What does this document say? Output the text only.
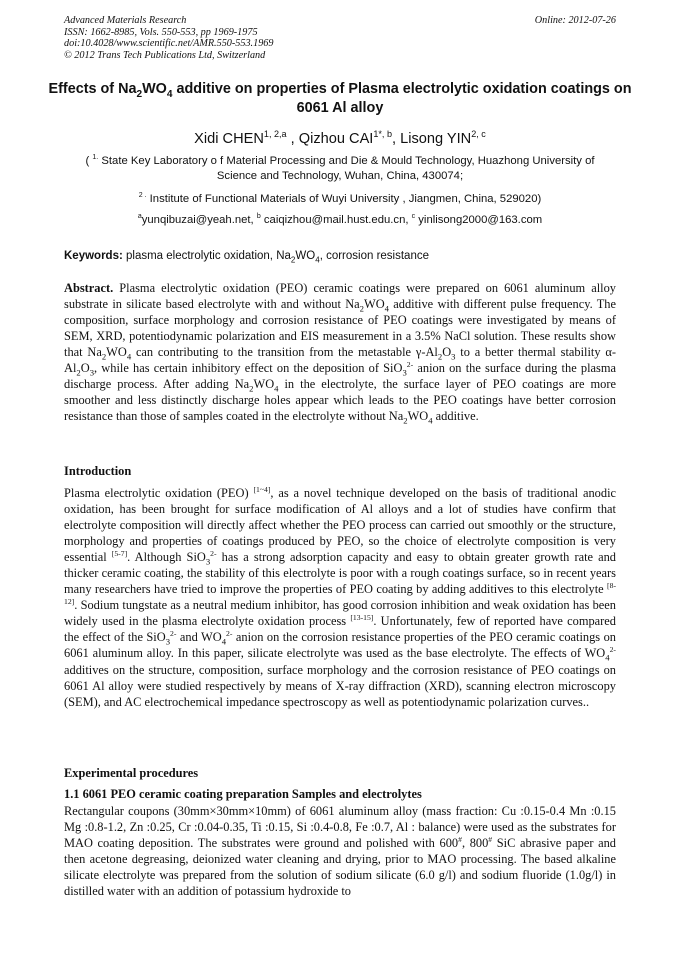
Advanced Materials Research
ISSN: 1662-8985, Vols. 550-553, pp 1969-1975
doi:10.4028/www.scientific.net/AMR.550-553.1969
© 2012 Trans Tech Publications Ltd, Switzerland
Online: 2012-07-26
Effects of $Na_2WO_4$ additive on properties of Plasma electrolytic oxidation coatings on 6061 Al alloy
Xidi CHEN$^{1, 2,a}$ , Qizhou $CAI^{1*, b}$, Lisong YIN$^{2, c}$
( $^{1.}$ State Key Laboratory o f Material Processing and Die & Mould Technology, Huazhong University of Science and Technology, Wuhan, China, 430074;
$^{2 .}$ Institute of Functional Materials of Wuyi University , Jiangmen, China, 529020)
$^a$yunqibuzai@yeah.net, $^b$ caiqizhou@mail.hust.edu.cn, $^c$ yinlisong2000@163.com
Keywords: plasma electrolytic oxidation, $Na_2WO_4$, corrosion resistance
Abstract. Plasma electrolytic oxidation (PEO) ceramic coatings were prepared on 6061 aluminum alloy substrate in silicate based electrolyte with and without $Na_2WO_4$ additive with different pulse frequency. The composition, surface morphology and corrosion resistance of PEO coatings were investigated by means of SEM, XRD, potentiodynamic polarization and EIS measurement in a 3.5% NaCl solution. These results show that $Na_2WO_4$ can contributing to the transition from the metastable $\gamma-Al_2O_3$ to a better thermal stability $\alpha-Al_2O_3$, while has certain inhibitory effect on the deposition of SiO$_3^{2-}$ anion on the surface during the plasma discharge process. After adding $Na_2WO_4$ in the electrolyte, the surface layer of PEO coatings are more smoother and less distinctly discharge holes appear which leads to the PEO coatings have better corrosion resistance than those of samples coated in the electrolyte without $Na_2WO_4$ additive.
Introduction
Plasma electrolytic oxidation (PEO) [1~4], as a novel technique developed on the basis of traditional anodic oxidation, has been brought for surface modification of Al alloys and a lot of studies have confirm that electrolyte composition will directly affect whether the PEO process can carried out smoothly or the structure, morphology and properties of coatings produced by PEO, so the choice of electrolyte composition is very essential [5-7]. Although SiO$_3^{2-}$ has a strong adsorption capacity and easy to obtain greater growth rate and thicker ceramic coating, the stability of this electrolyte is poor with a rough coatings surface, so in recent years many researchers have tried to improve the properties of PEO coating by adding additives to this electrolyte [8-12]. Sodium tungstate as a neutral medium inhibitor, has good corrosion inhibition and weak oxidation has been widely used in the plasma electrolyte oxidation process [13-15]. Unfortunately, few of reported have compared the effect of the SiO$_3^{2-}$ and $WO_4^{2-}$ anion on the corrosion resistance properties of the PEO ceramic coatings on 6061 aluminum alloy. In this paper, silicate electrolyte was used as the base electrolyte. The effects of $WO_4^{2-}$ additives on the structure, composition, surface morphology and the corrosion resistance of PEO coatings on 6061 Al alloy were studied respectively by means of X-ray diffraction (XRD), scanning electron microscopy (SEM), and AC electrochemical impedance spectroscopy as well as potentiodynamic polarization curves..
Experimental procedures
1.1 6061 PEO ceramic coating preparation Samples and electrolytes
Rectangular coupons (30mm×30mm×10mm) of 6061 aluminum alloy (mass fraction: Cu :0.15-0.4 Mn :0.15 Mg :0.8-1.2, Zn :0.25, Cr :0.04-0.35, Ti :0.15, Si :0.4-0.8, Fe :0.7, Al : balance) were used as the substrates for MAO coating deposition. The substrates were ground and polished with 600#, 800# SiC abrasive paper and then acetone degreasing, deionized water cleaning and drying, prior to MAO processing. The based alkaline silicate electrolyte was prepared from the solution of sodium silicate (6.0 g/l) and sodium fluoride (1.0g/l) in distilled water with an addition of potassium hydroxide to
